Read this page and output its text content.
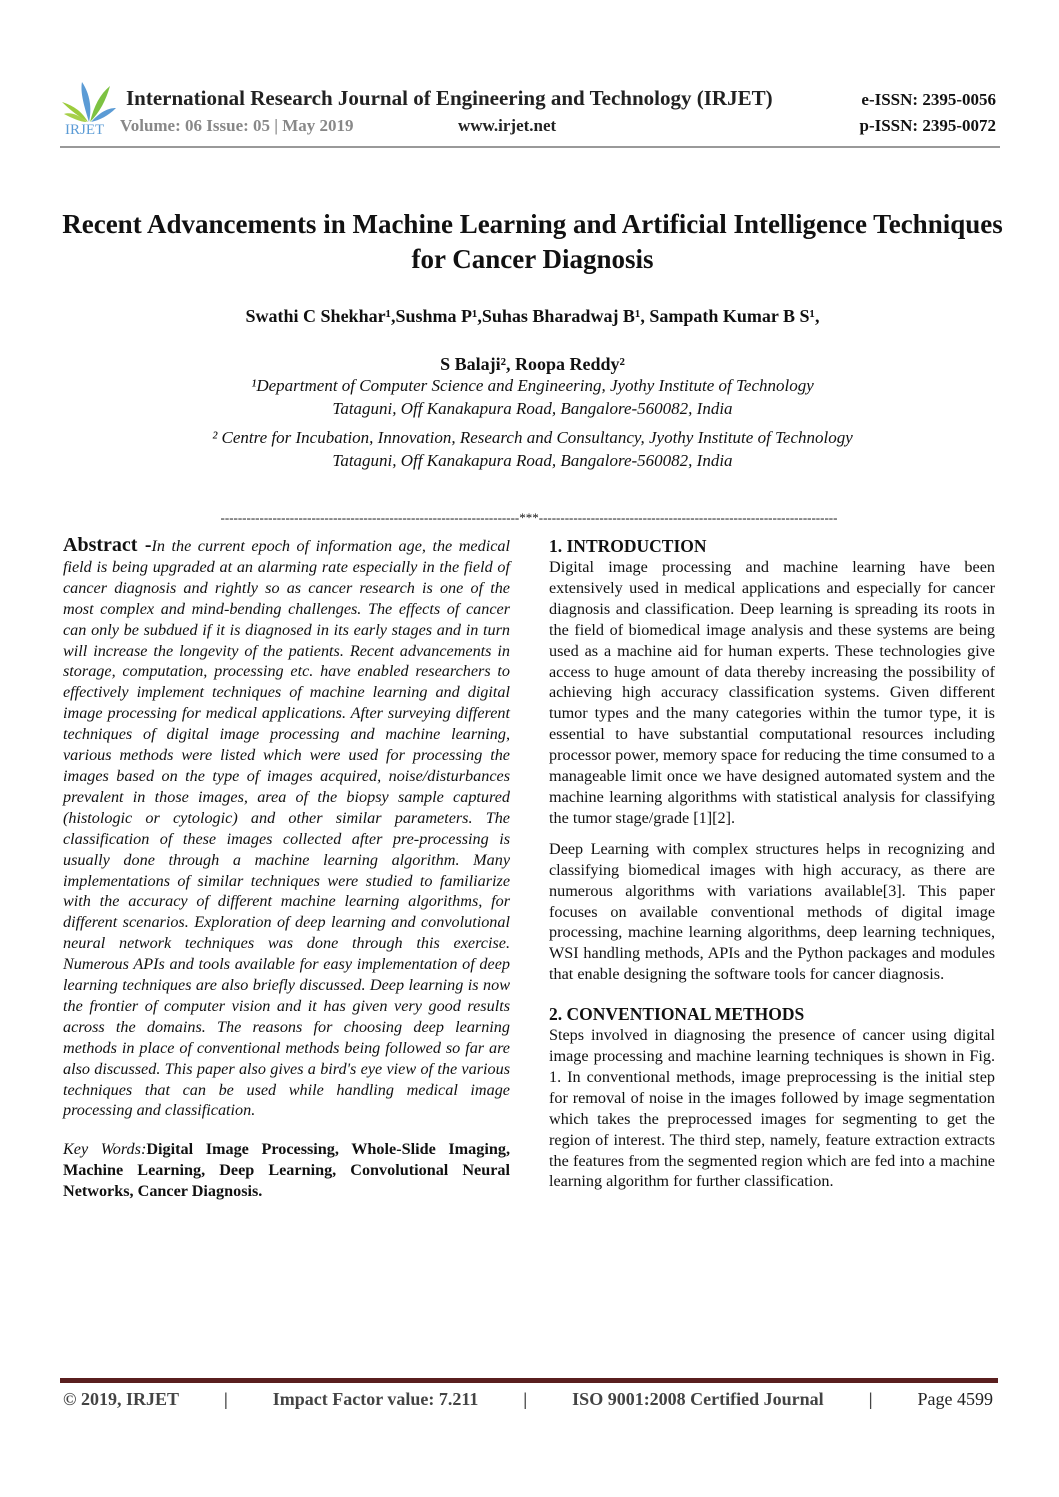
IRJET
International Research Journal of Engineering and Technology (IRJET)
Volume: 06 Issue: 05 | May 2019	www.irjet.net
e-ISSN: 2395-0056
p-ISSN: 2395-0072
Recent Advancements in Machine Learning and Artificial Intelligence Techniques for Cancer Diagnosis
Swathi C Shekhar¹,Sushma P¹,Suhas Bharadwaj B¹, Sampath Kumar B S¹,
S Balaji², Roopa Reddy²

¹Department of Computer Science and Engineering, Jyothy Institute of Technology
Tataguni, Off Kanakapura Road, Bangalore-560082, India

² Centre for Incubation, Innovation, Research and Consultancy, Jyothy Institute of Technology
Tataguni, Off Kanakapura Road, Bangalore-560082, India

---------------------------------------------------------------------***---------------------------------------------------------------------

Abstract -In the current epoch of information age, the medical field is being upgraded at an alarming rate especially in the field of cancer diagnosis and rightly so as cancer research is one of the most complex and mind-bending challenges. The effects of cancer can only be subdued if it is diagnosed in its early stages and in turn will increase the longevity of the patients. Recent advancements in storage, computation, processing etc. have enabled researchers to effectively implement techniques of machine learning and digital image processing for medical applications. After surveying different techniques of digital image processing and machine learning, various methods were listed which were used for processing the images based on the type of images acquired, noise/disturbances prevalent in those images, area of the biopsy sample captured (histologic or cytologic) and other similar parameters. The classification of these images collected after pre-processing is usually done through a machine learning algorithm. Many implementations of similar techniques were studied to familiarize with the accuracy of different machine learning algorithms, for different scenarios. Exploration of deep learning and convolutional neural network techniques was done through this exercise. Numerous APIs and tools available for easy implementation of deep learning techniques are also briefly discussed. Deep learning is now the frontier of computer vision and it has given very good results across the domains. The reasons for choosing deep learning methods in place of conventional methods being followed so far are also discussed. This paper also gives a bird's eye view of the various techniques that can be used while handling medical image processing and classification.

Key Words:Digital Image Processing, Whole-Slide Imaging, Machine Learning, Deep Learning, Convolutional Neural Networks, Cancer Diagnosis.

1. INTRODUCTION

Digital image processing and machine learning have been extensively used in medical applications and especially for cancer diagnosis and classification. Deep learning is spreading its roots in the field of biomedical image analysis and these systems are being used as a machine aid for human experts. These technologies give access to huge amount of data thereby increasing the possibility of achieving high accuracy classification systems. Given different tumor types and the many categories within the tumor type, it is essential to have substantial computational resources including processor power, memory space for reducing the time consumed to a manageable limit once we have designed automated system and the machine learning algorithms with statistical analysis for classifying the tumor stage/grade [1][2].

Deep Learning with complex structures helps in recognizing and classifying biomedical images with high accuracy, as there are numerous algorithms with variations available[3]. This paper focuses on available conventional methods of digital image processing, machine learning algorithms, deep learning techniques, WSI handling methods, APIs and the Python packages and modules that enable designing the software tools for cancer diagnosis.

2. CONVENTIONAL METHODS

Steps involved in diagnosing the presence of cancer using digital image processing and machine learning techniques is shown in Fig. 1. In conventional methods, image preprocessing is the initial step for removal of noise in the images followed by image segmentation which takes the preprocessed images for segmenting to get the region of interest. The third step, namely, feature extraction extracts the features from the segmented region which are fed into a machine learning algorithm for further classification.

© 2019, IRJET | Impact Factor value: 7.211 | ISO 9001:2008 Certified Journal | Page 4599
